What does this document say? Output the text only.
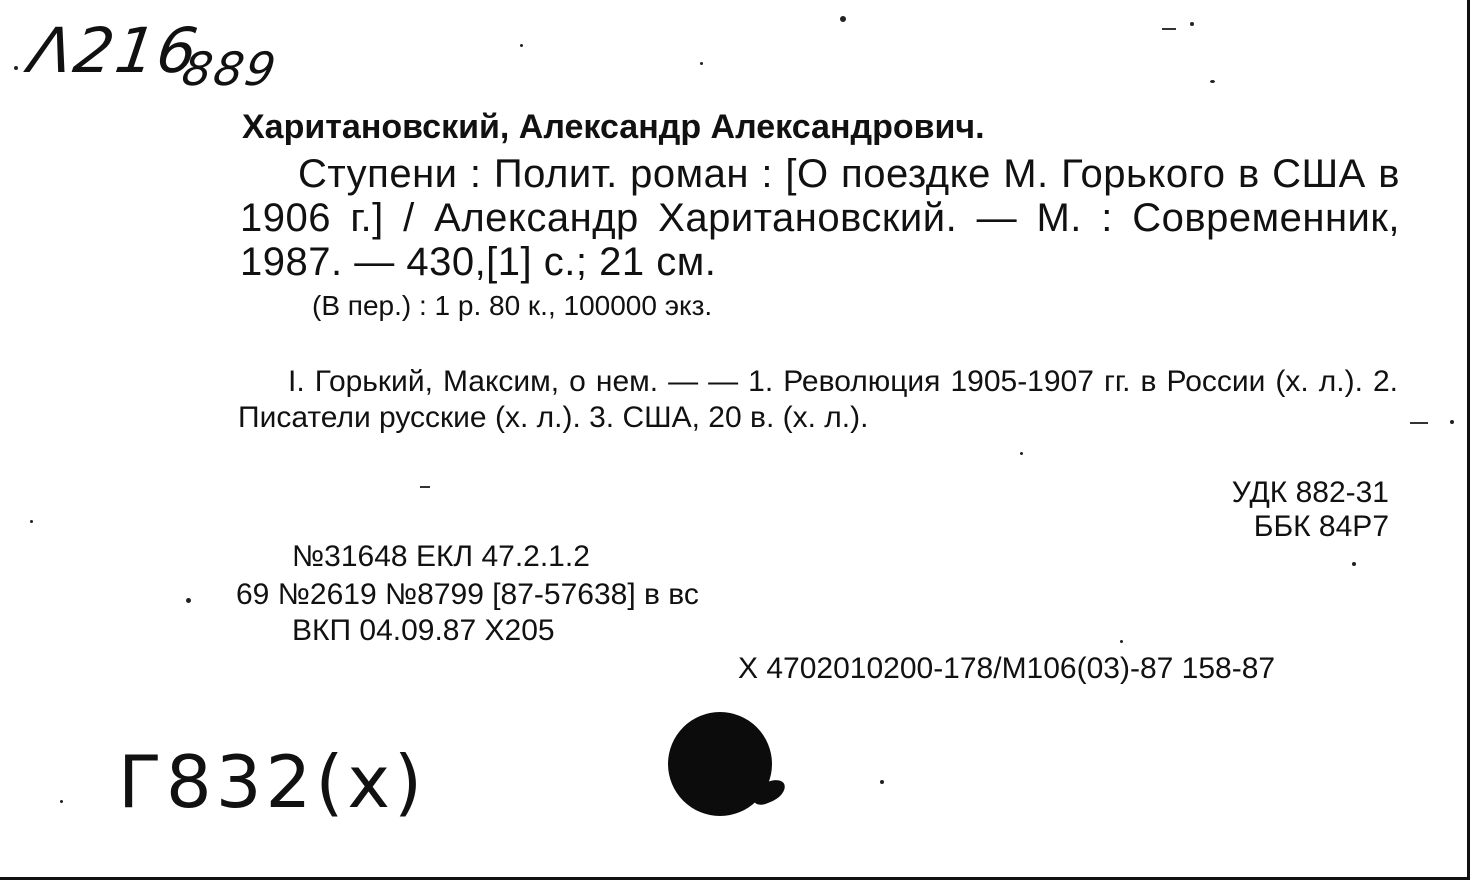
Λ216
889
Харитановский, Александр Александрович.
Ступени : Полит. роман : [О поездке М. Горького в США в 1906 г.] / Александр Харитановский. — М. : Современник, 1987. — 430,[1] с.; 21 см.
(В пер.) : 1 р. 80 к., 100000 экз.
I. Горький, Максим, о нем. — — 1. Революция 1905-1907 гг. в России (х. л.). 2. Писатели русские (х. л.). 3. США, 20 в. (х. л.).
УДК 882-31
ББК 84Р7
№31648 ЕКЛ 47.2.1.2
69 №2619 №8799 [87-57638] в вс
ВКП 04.09.87 Х205
Х 4702010200-178/М106(03)-87 158-87
Г832(х)
